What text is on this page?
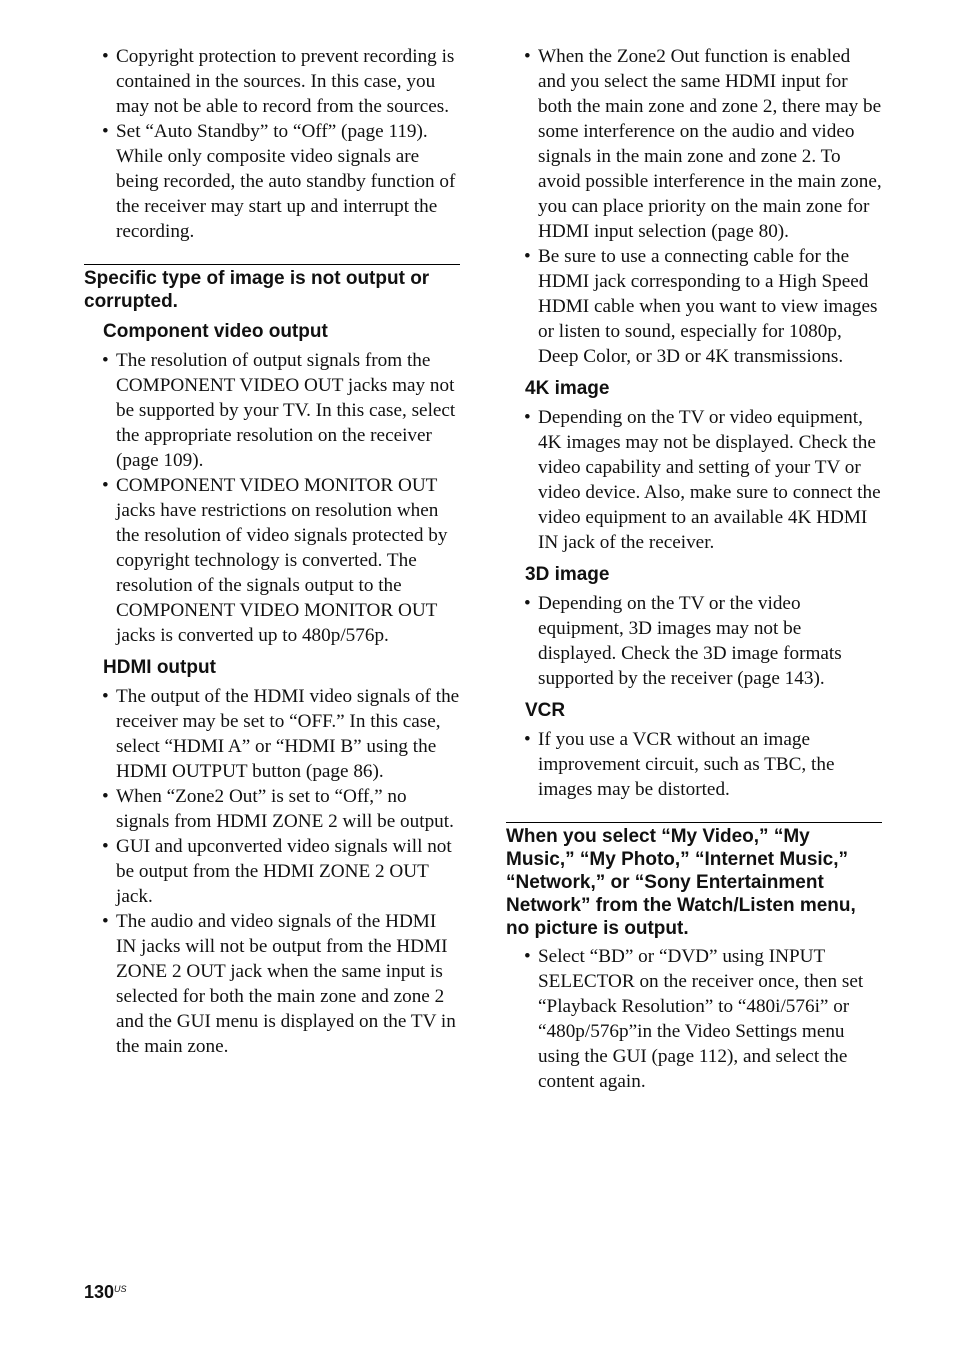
• Copyright protection to prevent recording is contained in the sources. In this case, you may not be able to record from the sources.
• Set “Auto Standby” to “Off” (page 119). While only composite video signals are being recorded, the auto standby function of the receiver may start up and interrupt the recording.
Specific type of image is not output or corrupted.
Component video output
• The resolution of output signals from the COMPONENT VIDEO OUT jacks may not be supported by your TV. In this case, select the appropriate resolution on the receiver (page 109).
• COMPONENT VIDEO MONITOR OUT jacks have restrictions on resolution when the resolution of video signals protected by copyright technology is converted. The resolution of the signals output to the COMPONENT VIDEO MONITOR OUT jacks is converted up to 480p/576p.
HDMI output
• The output of the HDMI video signals of the receiver may be set to “OFF.” In this case, select “HDMI A” or “HDMI B” using the HDMI OUTPUT button (page 86).
• When “Zone2 Out” is set to “Off,” no signals from HDMI ZONE 2 will be output.
• GUI and upconverted video signals will not be output from the HDMI ZONE 2 OUT jack.
• The audio and video signals of the HDMI IN jacks will not be output from the HDMI ZONE 2 OUT jack when the same input is selected for both the main zone and zone 2 and the GUI menu is displayed on the TV in the main zone.
• When the Zone2 Out function is enabled and you select the same HDMI input for both the main zone and zone 2, there may be some interference on the audio and video signals in the main zone and zone 2. To avoid possible interference in the main zone, you can place priority on the main zone for HDMI input selection (page 80).
• Be sure to use a connecting cable for the HDMI jack corresponding to a High Speed HDMI cable when you want to view images or listen to sound, especially for 1080p, Deep Color, or 3D or 4K transmissions.
4K image
• Depending on the TV or video equipment, 4K images may not be displayed. Check the video capability and setting of your TV or video device. Also, make sure to connect the video equipment to an available 4K HDMI IN jack of the receiver.
3D image
• Depending on the TV or the video equipment, 3D images may not be displayed. Check the 3D image formats supported by the receiver (page 143).
VCR
• If you use a VCR without an image improvement circuit, such as TBC, the images may be distorted.
When you select “My Video,” “My Music,” “My Photo,” “Internet Music,” “Network,” or “Sony Entertainment Network” from the Watch/Listen menu, no picture is output.
• Select “BD” or “DVD” using INPUT SELECTOR on the receiver once, then set “Playback Resolution” to “480i/576i” or “480p/576p”in the Video Settings menu using the GUI (page 112), and select the content again.
$130^{US}$
